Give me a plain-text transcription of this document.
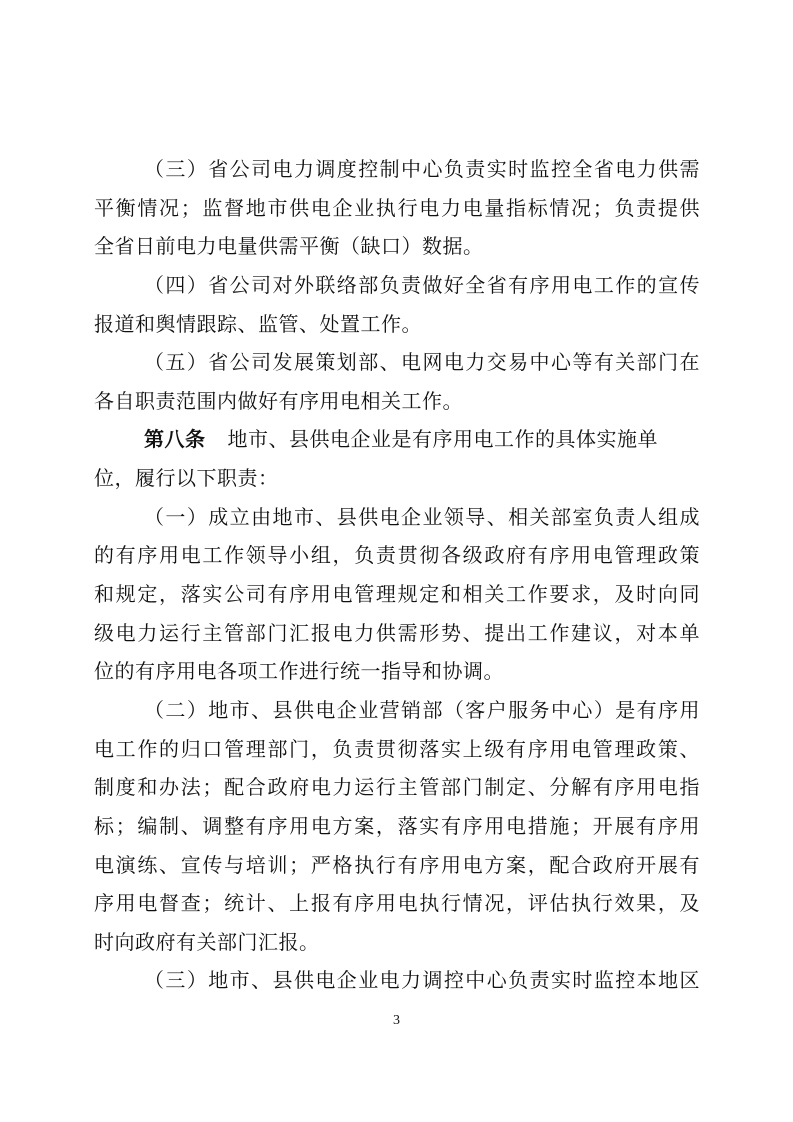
（三）省公司电力调度控制中心负责实时监控全省电力供需
平衡情况；监督地市供电企业执行电力电量指标情况；负责提供
全省日前电力电量供需平衡（缺口）数据。
（四）省公司对外联络部负责做好全省有序用电工作的宣传
报道和舆情跟踪、监管、处置工作。
（五）省公司发展策划部、电网电力交易中心等有关部门在
各自职责范围内做好有序用电相关工作。
第八条 地市、县供电企业是有序用电工作的具体实施单
位，履行以下职责：
（一）成立由地市、县供电企业领导、相关部室负责人组成
的有序用电工作领导小组，负责贯彻各级政府有序用电管理政策
和规定，落实公司有序用电管理规定和相关工作要求，及时向同
级电力运行主管部门汇报电力供需形势、提出工作建议，对本单
位的有序用电各项工作进行统一指导和协调。
（二）地市、县供电企业营销部（客户服务中心）是有序用
电工作的归口管理部门，负责贯彻落实上级有序用电管理政策、
制度和办法；配合政府电力运行主管部门制定、分解有序用电指
标；编制、调整有序用电方案，落实有序用电措施；开展有序用
电演练、宣传与培训；严格执行有序用电方案，配合政府开展有
序用电督查；统计、上报有序用电执行情况，评估执行效果，及
时向政府有关部门汇报。
（三）地市、县供电企业电力调控中心负责实时监控本地区
3
